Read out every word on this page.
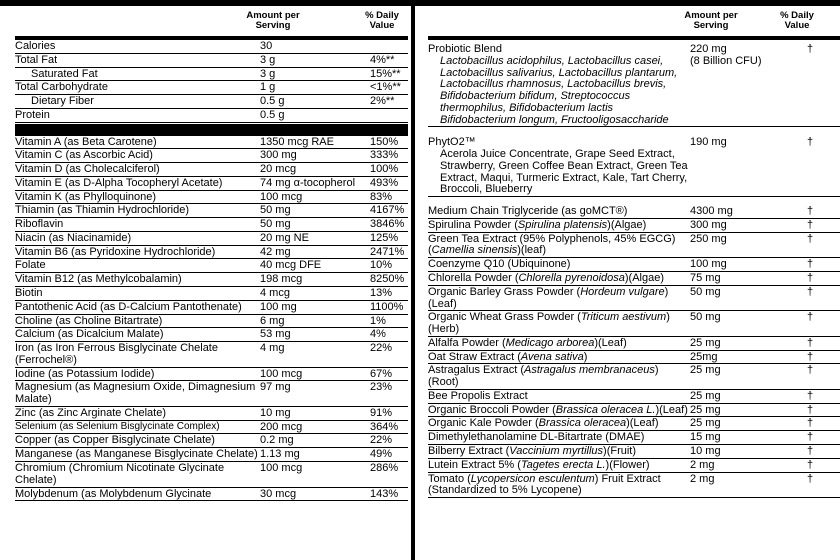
Amount per
Serving
% Daily
Value
Calories	30
Total Fat	3 g	4%**
Saturated Fat	3 g	15%**
Total Carbohydrate	1 g	<1%**
Dietary Fiber	0.5 g	2%**
Protein	0.5 g
Vitamin A (as Beta Carotene)	1350 mcg RAE	150%
Vitamin C (as Ascorbic Acid)	300 mg	333%
Vitamin D (as Cholecalciferol)	20 mcg	100%
Vitamin E (as D-Alpha Tocopheryl Acetate)	74 mg α-tocopherol	493%
Vitamin K (as Phylloquinone)	100 mcg	83%
Thiamin (as Thiamin Hydrochloride)	50 mg	4167%
Riboflavin	50 mg	3846%
Niacin (as Niacinamide)	20 mg NE	125%
Vitamin B6 (as Pyridoxine Hydrochloride)	42 mg	2471%
Folate	40 mcg DFE	10%
Vitamin B12 (as Methylcobalamin)	198 mcg	8250%
Biotin	4 mcg	13%
Pantothenic Acid (as D-Calcium Pantothenate)	100 mg	1100%
Choline (as Choline Bitartrate)	6 mg	1%
Calcium (as Dicalcium Malate)	53 mg	4%
Iron (as Iron Ferrous Bisglycinate Chelate (Ferrochel®)
4 mg	22%
Iodine (as Potassium Iodide)	100 mcg	67%
Magnesium (as Magnesium Oxide, Dimagnesium Malate)
97 mg	23%
Zinc (as Zinc Arginate Chelate)	10 mg	91%
Selenium (as Selenium Bisglycinate Complex)	200 mcg	364%
Copper (as Copper Bisglycinate Chelate)	0.2 mg	22%
Manganese (as Manganese Bisglycinate Chelate) 1.13 mg	49%
Chromium (Chromium Nicotinate Glycinate Chelate)
100 mcg	286%
Molybdenum (as Molybdenum Glycinate	30 mcg	143%
Amount per
Serving
% Daily
Value
Probiotic Blend
Lactobacillus acidophilus, Lactobacillus casei, Lactobacillus salivarius, Lactobacillus plantarum, Lactobacillus rhamnosus, Lactobacillus brevis, Bifidobacterium bifidum, Streptococcus thermophilus, Bifidobacterium lactis Bifidobacterium longum, Fructooligosaccharide
220 mg
(8 Billion CFU)
†
PhytO2™
Acerola Juice Concentrate, Grape Seed Extract, Strawberry, Green Coffee Bean Extract, Green Tea Extract, Maqui, Turmeric Extract, Kale, Tart Cherry, Broccoli, Blueberry
190 mg	†
Medium Chain Triglyceride (as goMCT®)	4300 mg	†
Spirulina Powder (Spirulina platensis)(Algae)	300 mg	†
Green Tea Extract (95% Polyphenols, 45% EGCG) (Camellia sinensis)(leaf)
250 mg	†
Coenzyme Q10 (Ubiquinone)	100 mg	†
Chlorella Powder (Chlorella pyrenoidosa)(Algae)	75 mg	†
Organic Barley Grass Powder (Hordeum vulgare)(Leaf)
50 mg	†
Organic Wheat Grass Powder (Triticum aestivum)(Herb)
50 mg	†
Alfalfa Powder (Medicago arborea)(Leaf)	25 mg	†
Oat Straw Extract (Avena sativa)	25mg	†
Astragalus Extract (Astragalus membranaceus)(Root)
25 mg	†
Bee Propolis Extract	25 mg	†
Organic Broccoli Powder (Brassica oleracea L.)(Leaf) 25 mg	†
Organic Kale Powder (Brassica oleracea)(Leaf)	25 mg	†
Dimethylethanolamine DL-Bitartrate (DMAE)	15 mg	†
Bilberry Extract (Vaccinium myrtillus)(Fruit)	10 mg	†
Lutein Extract 5% (Tagetes erecta L.)(Flower)	2 mg	†
Tomato (Lycopersicon esculentum) Fruit Extract (Standardized to 5% Lycopene)
2 mg	†
